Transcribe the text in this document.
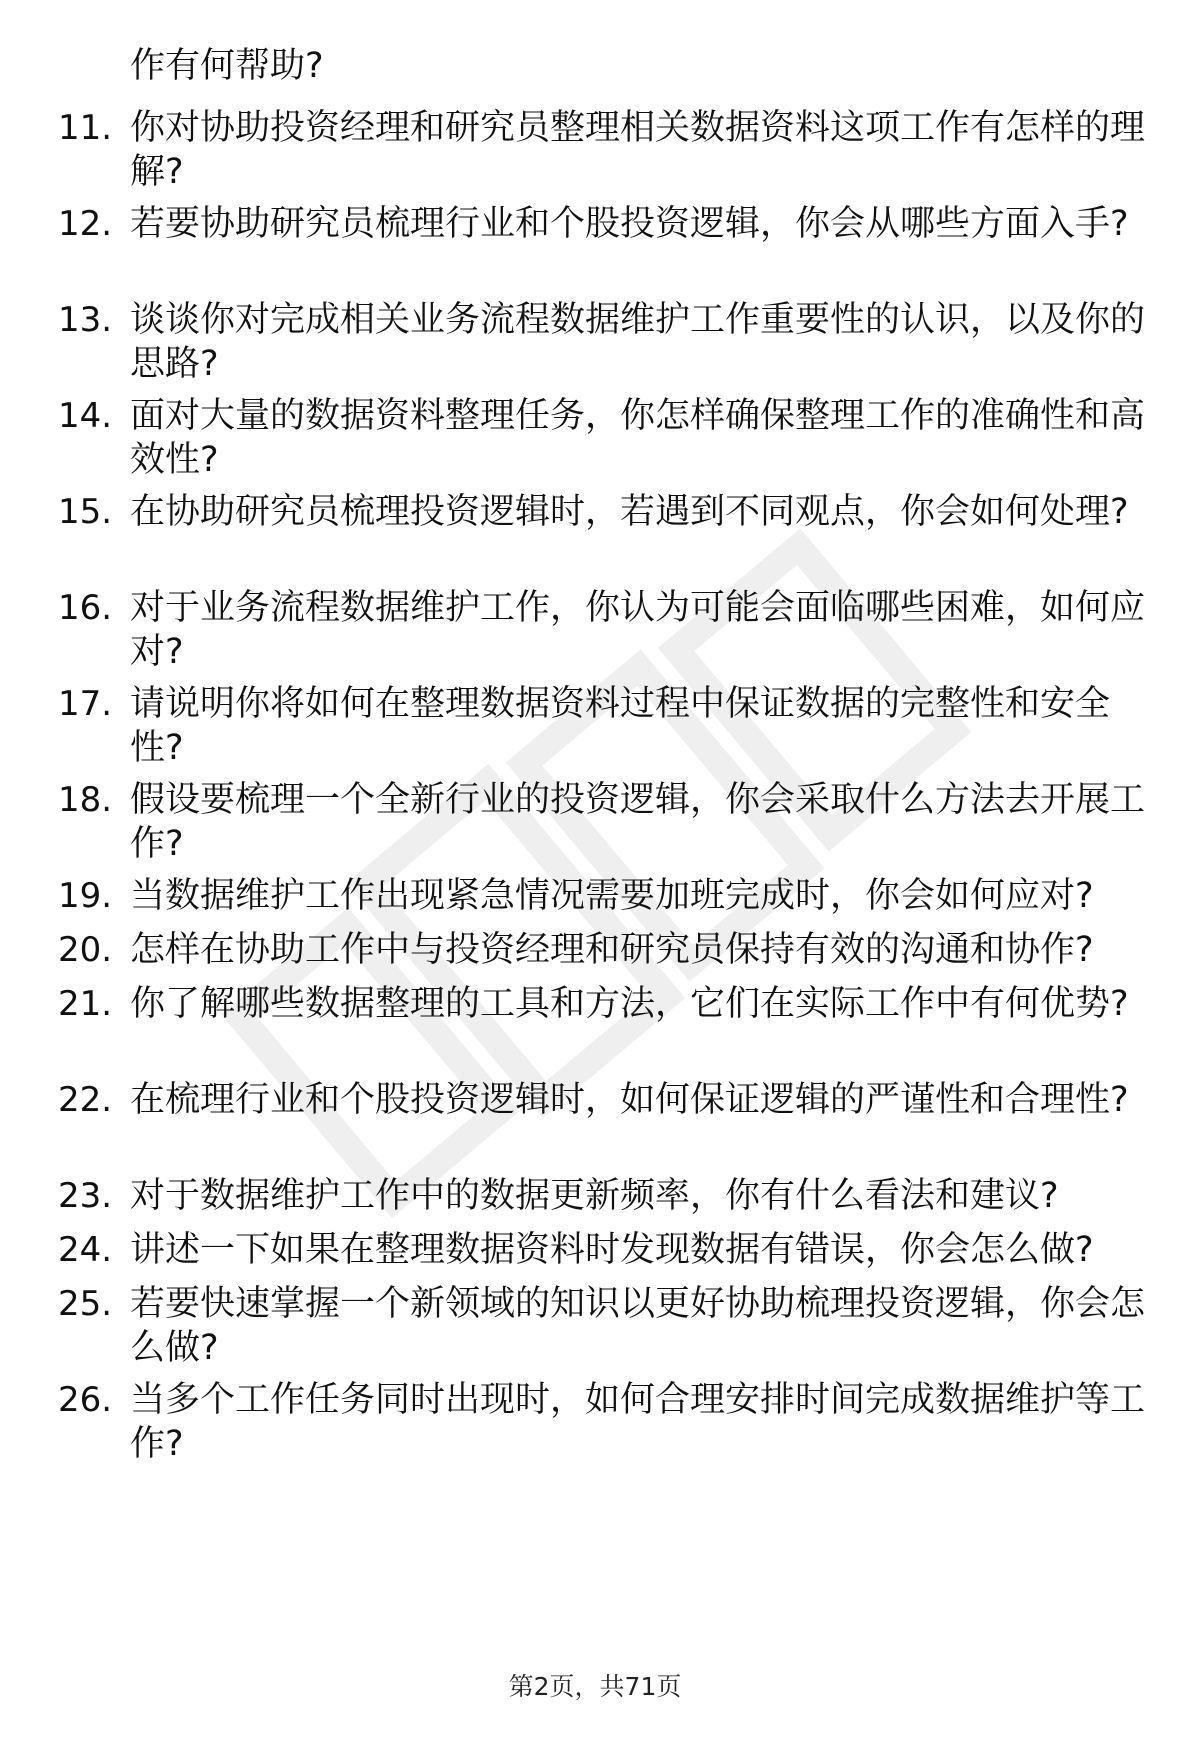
作有何帮助?
11. 你对协助投资经理和研究员整理相关数据资料这项工作有怎样的理解?
12. 若要协助研究员梳理行业和个股投资逻辑，你会从哪些方面入手?
13. 谈谈你对完成相关业务流程数据维护工作重要性的认识，以及你的思路?
14. 面对大量的数据资料整理任务，你怎样确保整理工作的准确性和高效性?
15. 在协助研究员梳理投资逻辑时，若遇到不同观点，你会如何处理?
16. 对于业务流程数据维护工作，你认为可能会面临哪些困难，如何应对?
17. 请说明你将如何在整理数据资料过程中保证数据的完整性和安全性?
18. 假设要梳理一个全新行业的投资逻辑，你会采取什么方法去开展工作?
19. 当数据维护工作出现紧急情况需要加班完成时，你会如何应对?
20. 怎样在协助工作中与投资经理和研究员保持有效的沟通和协作?
21. 你了解哪些数据整理的工具和方法，它们在实际工作中有何优势?
22. 在梳理行业和个股投资逻辑时，如何保证逻辑的严谨性和合理性?
23. 对于数据维护工作中的数据更新频率，你有什么看法和建议?
24. 讲述一下如果在整理数据资料时发现数据有错误，你会怎么做?
25. 若要快速掌握一个新领域的知识以更好协助梳理投资逻辑，你会怎么做?
26. 当多个工作任务同时出现时，如何合理安排时间完成数据维护等工作?
第2页，共71页
